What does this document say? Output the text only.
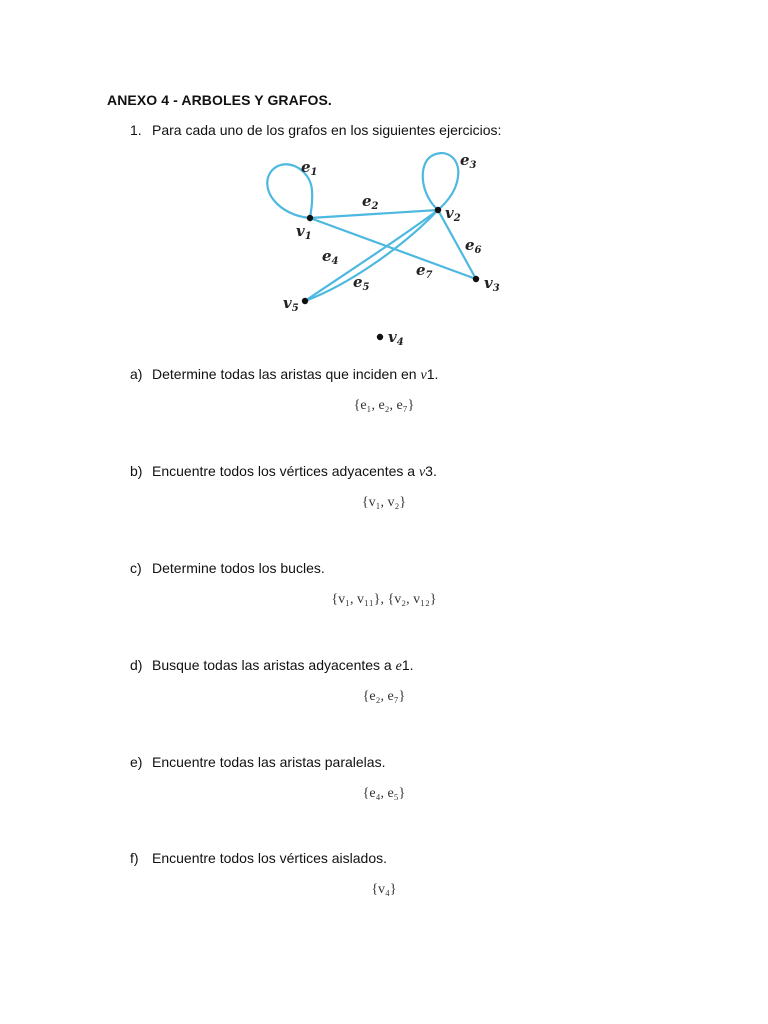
ANEXO 4 - ARBOLES Y GRAFOS.
1. Para cada uno de los grafos en los siguientes ejercicios:
$v_1$
$v_2$
$v_3$
$v_4$
$v_5$
$e_1$
$e_2$
$e_3$
$e_4$
$e_5$
$e_6$
$e_7$
a) Determine todas las aristas que inciden en v1.
{e₁, e₂, e₇}
b) Encuentre todos los vértices adyacentes a v3.
{v₁, v₂}
c) Determine todos los bucles.
{v₁, v₁₁}, {v₂, v₁₂}
d) Busque todas las aristas adyacentes a e1.
{e₂, e₇}
e) Encuentre todas las aristas paralelas.
{e₄, e₅}
f) Encuentre todos los vértices aislados.
{v₄}
